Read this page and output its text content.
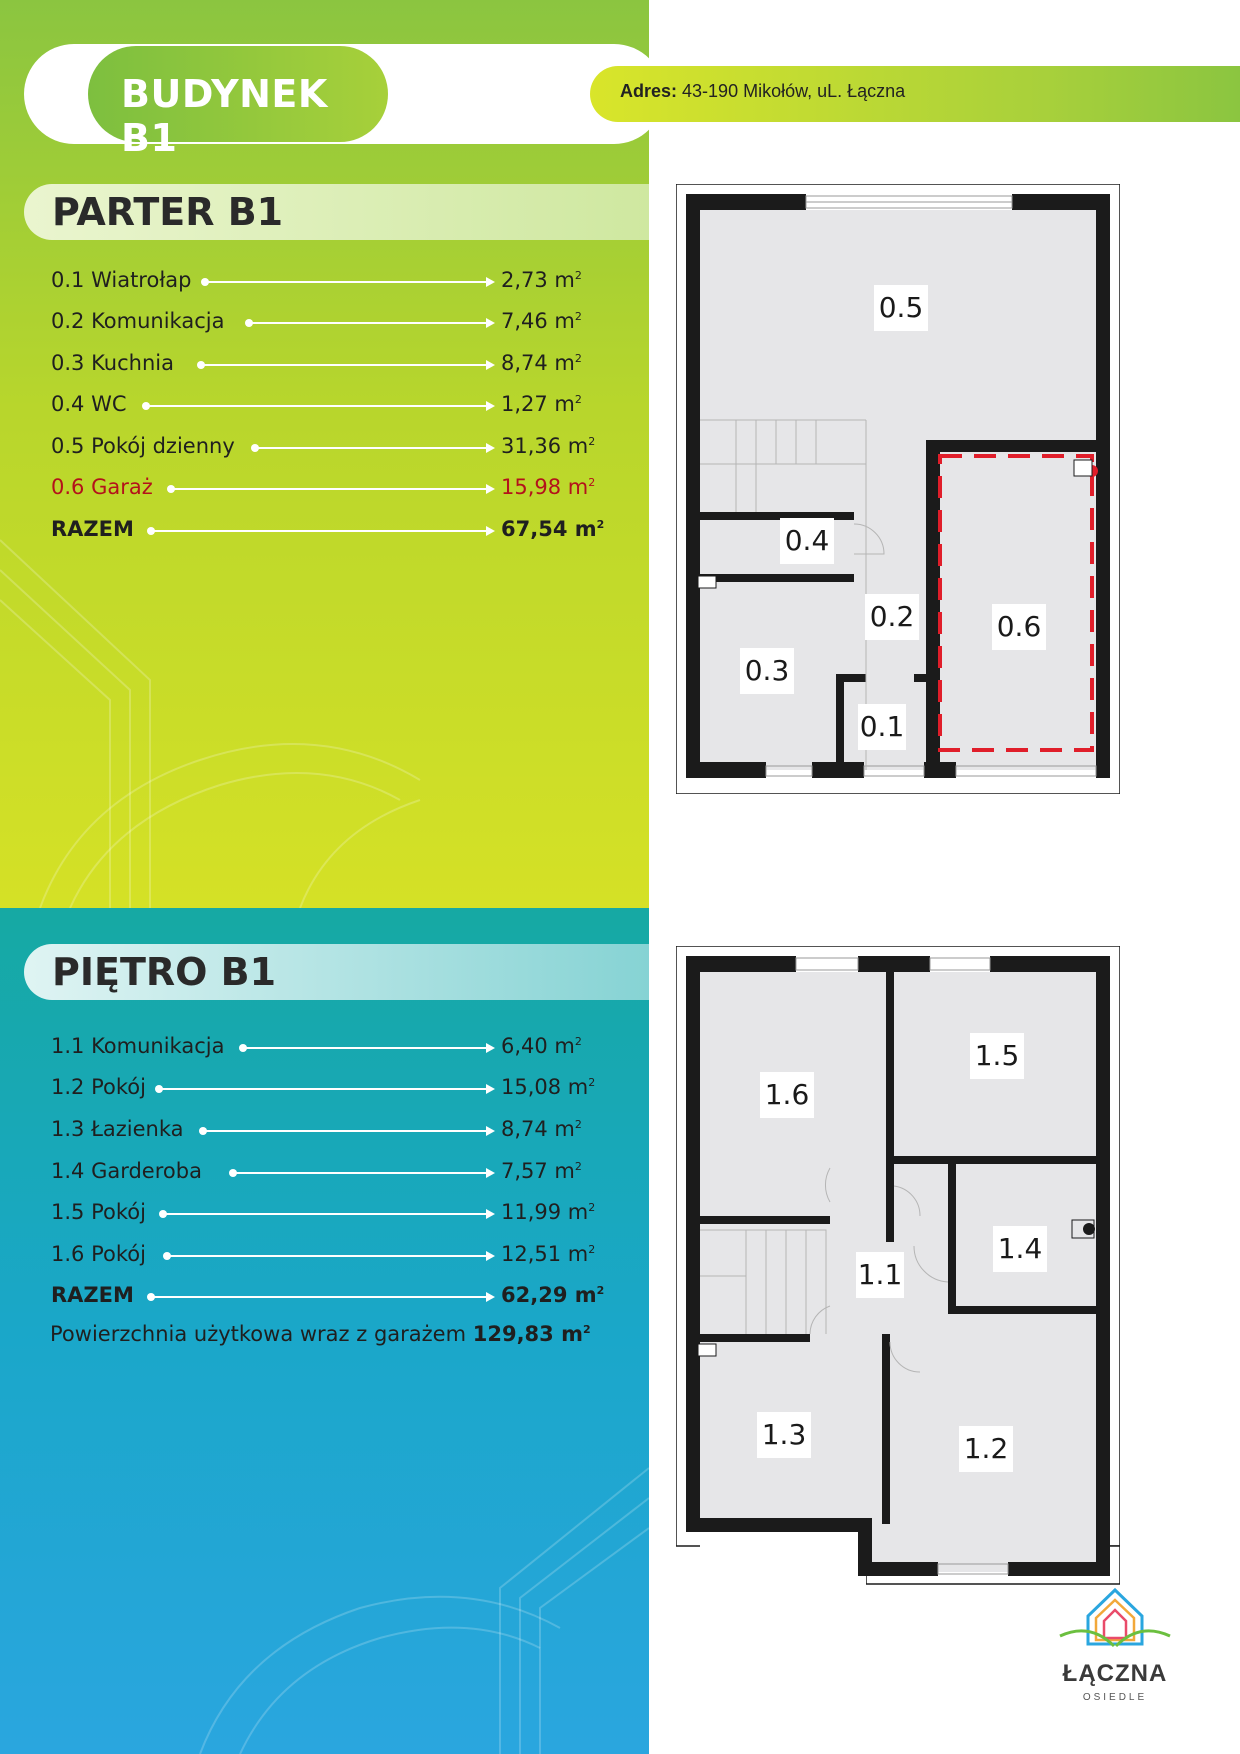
BUDYNEK B1
Adres: 43-190 Mikołów, uL. Łączna
PARTER B1
0.1 Wiatrołap	2,73 $m^2$
0.2 Komunikacja	7,46 $m^2$
0.3 Kuchnia	8,74 $m^2$
0.4 WC	1,27 $m^2$
0.5 Pokój dzienny	31,36 $m^2$
0.6 Garaż	15,98 $m^2$
RAZEM	67,54 $m^2$
PIĘTRO B1
1.1 Komunikacja	6,40 $m^2$
1.2 Pokój	15,08 $m^2$
1.3 Łazienka	8,74 $m^2$
1.4 Garderoba	7,57 $m^2$
1.5 Pokój	11,99 $m^2$
1.6 Pokój	12,51 $m^2$
RAZEM	62,29 $m^2$
Powierzchnia użytkowa wraz z garażem 129,83 $m^2$
0.5
0.4
0.2	0.6
0.3
0.1
1.6
1.5
1.4
1.1
1.3	1.2
ŁĄCZNA
OSIEDLE
